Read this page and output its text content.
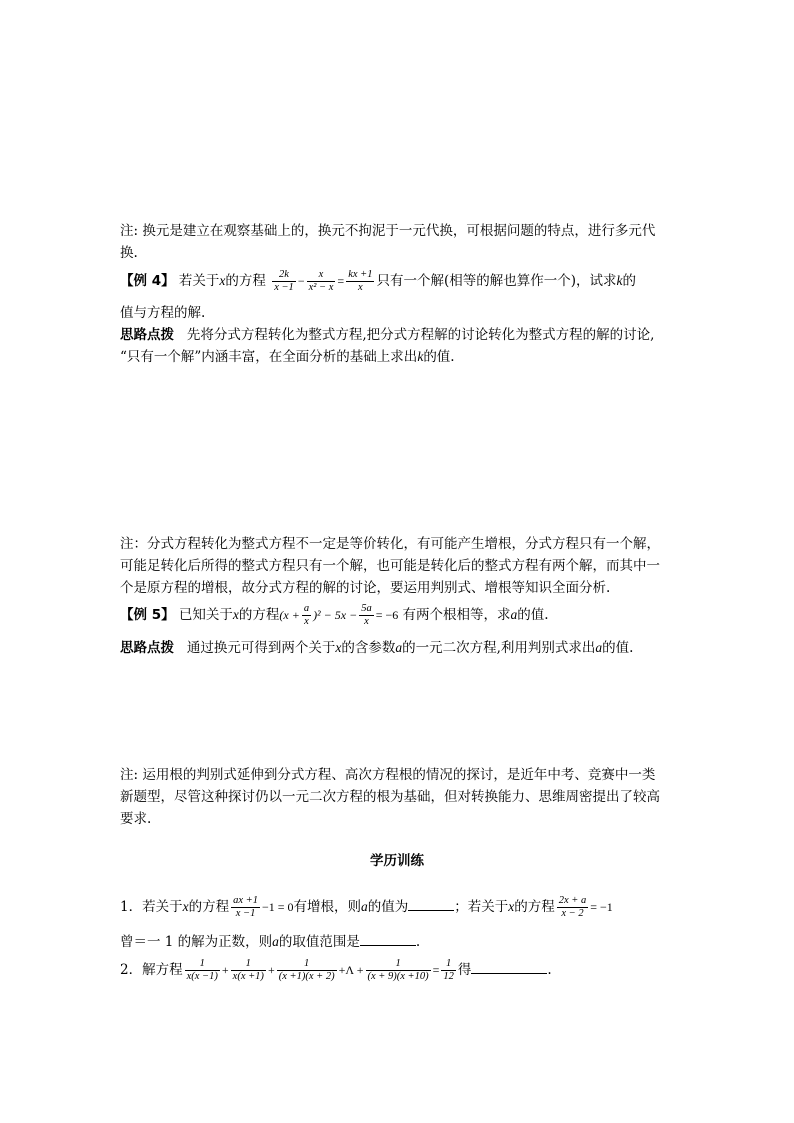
注: 换元是建立在观察基础上的，换元不拘泥于一元代换，可根据问题的特点，进行多元代
换.
【例 4】 若关于x的方程 $\frac{2k}{x -1} - \frac{x}{\text{x² − x}} = \frac{kx +1}{x}$ 只有一个解(相等的解也算作一个)，试求k的
值与方程的解.
思路点拨 先将分式方程转化为整式方程,把分式方程解的讨论转化为整式方程的解的讨论,
“只有一个解”内涵丰富，在全面分析的基础上求出k的值.
注：分式方程转化为整式方程不一定是等价转化，有可能产生增根，分式方程只有一个解，
可能足转化后所得的整式方程只有一个解，也可能是转化后的整式方程有两个解，而其中一
个是原方程的增根，故分式方程的解的讨论，要运用判别式、增根等知识全面分析.
【例 5】 已知关于x的方程$(x + \frac{a}{x} )^2 - 5x - \frac{5a}{x} = -6$ 有两个根相等，求a的值.
思路点拨 通过换元可得到两个关于x的含参数a的一元二次方程,利用判别式求出a的值.
注: 运用根的判别式延伸到分式方程、高次方程根的情况的探讨，是近年中考、竞赛中一类
新题型，尽管这种探讨仍以一元二次方程的根为基础，但对转换能力、思维周密提出了较高
要求.
学历训练
1．若关于x的方程 $\frac{ax +1}{x -1} -1 = 0$有增根，则a的值为	；若关于x的方程 $\frac{2x + a}{x - 2} = -1$
曾＝一 1 的解为正数，则a的取值范围是	.
2．解方程 $\frac{1}{x(x -1)} + \frac{1}{x(x +1)} + \frac{1}{(x +1)(x + 2)} +\Lambda + \frac{1}{(x + 9)(x +10)} = \frac{1}{12}$ 得	.
